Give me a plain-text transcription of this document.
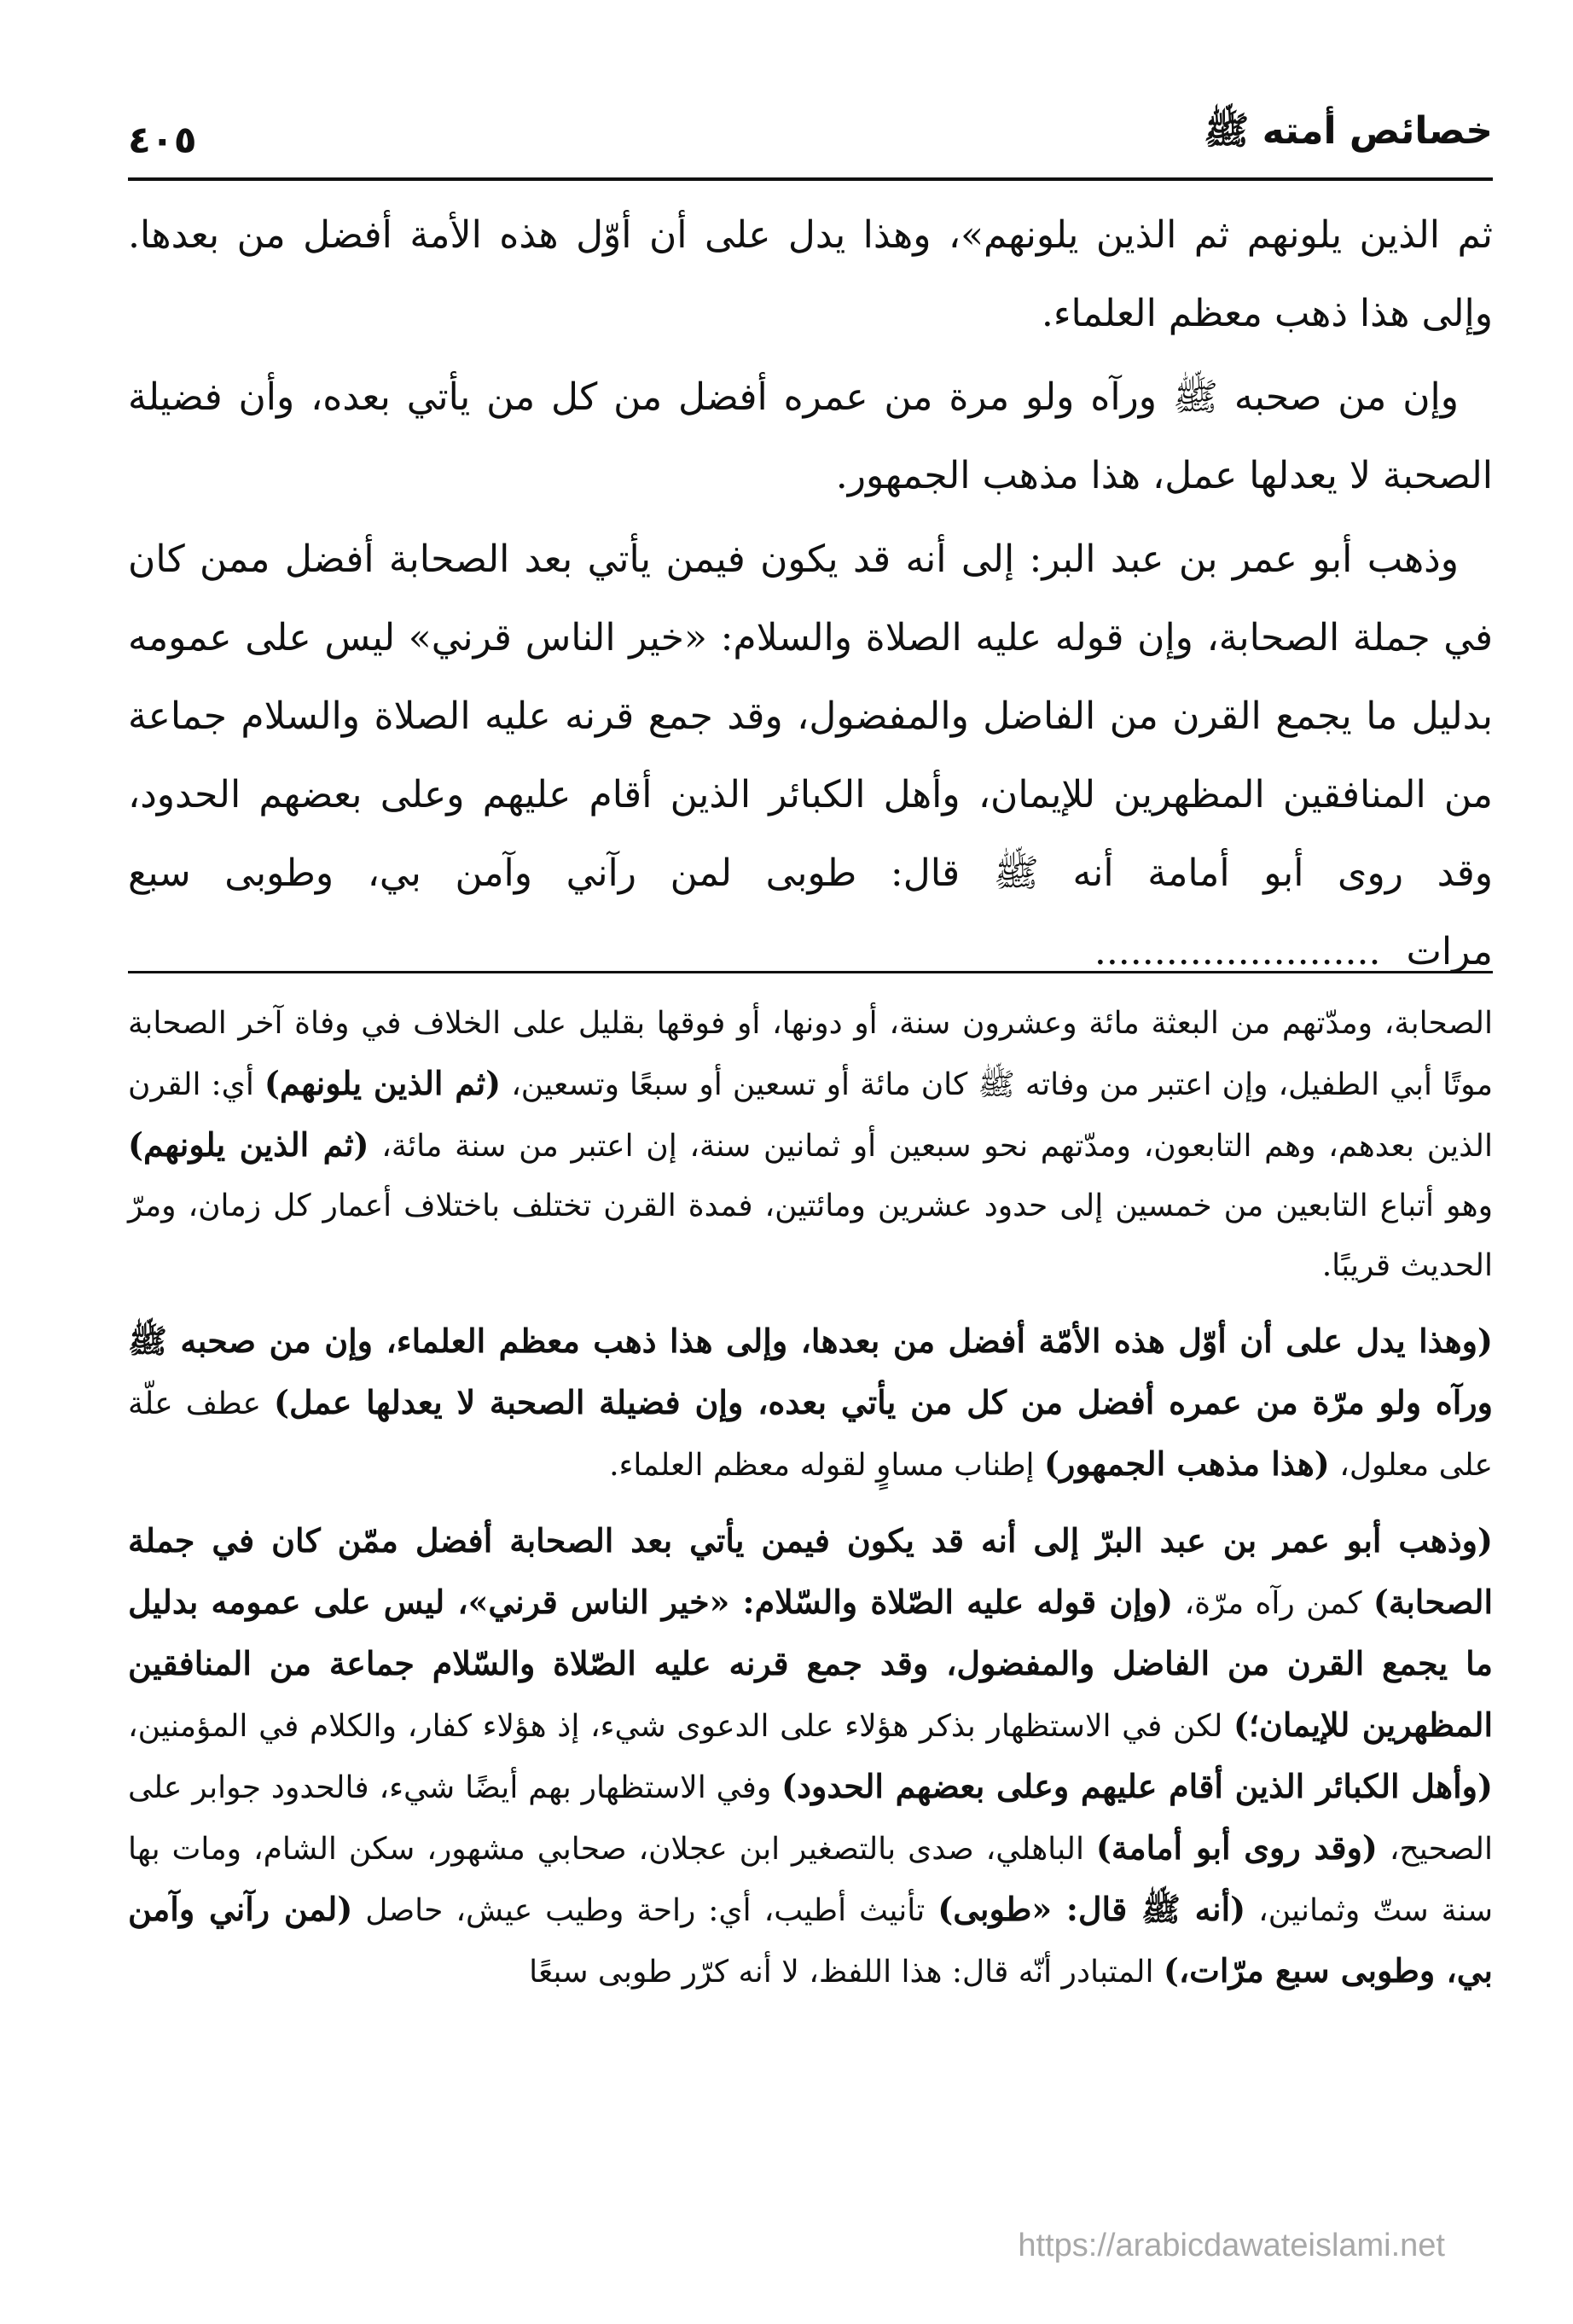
خصائص أمته ﷺ
٤٠٥

ثم الذين يلونهم ثم الذين يلونهم»، وهذا يدل على أن أوّل هذه الأمة أفضل من بعدها. وإلى هذا ذهب معظم العلماء.

وإن من صحبه ﷺ ورآه ولو مرة من عمره أفضل من كل من يأتي بعده، وأن فضيلة الصحبة لا يعدلها عمل، هذا مذهب الجمهور.

وذهب أبو عمر بن عبد البر: إلى أنه قد يكون فيمن يأتي بعد الصحابة أفضل ممن كان في جملة الصحابة، وإن قوله عليه الصلاة والسلام: «خير الناس قرني» ليس على عمومه بدليل ما يجمع القرن من الفاضل والمفضول، وقد جمع قرنه عليه الصلاة والسلام جماعة من المنافقين المظهرين للإيمان، وأهل الكبائر الذين أقام عليهم وعلى بعضهم الحدود، وقد روى أبو أمامة أنه ﷺ قال: طوبى لمن رآني وآمن بي، وطوبى سبع مرات........................

الصحابة، ومدّتهم من البعثة مائة وعشرون سنة، أو دونها، أو فوقها بقليل على الخلاف في وفاة آخر الصحابة موتًا أبي الطفيل، وإن اعتبر من وفاته ﷺ كان مائة أو تسعين أو سبعًا وتسعين، (ثم الذين يلونهم) أي: القرن الذين بعدهم، وهم التابعون، ومدّتهم نحو سبعين أو ثمانين سنة، إن اعتبر من سنة مائة، (ثم الذين يلونهم) وهو أتباع التابعين من خمسين إلى حدود عشرين ومائتين، فمدة القرن تختلف باختلاف أعمار كل زمان، ومرّ الحديث قريبًا.

(وهذا يدل على أن أوّل هذه الأمّة أفضل من بعدها، وإلى هذا ذهب معظم العلماء، وإن من صحبه ﷺ ورآه ولو مرّة من عمره أفضل من كل من يأتي بعده، وإن فضيلة الصحبة لا يعدلها عمل) عطف علّة على معلول، (هذا مذهب الجمهور) إطناب مساوٍ لقوله معظم العلماء.

(وذهب أبو عمر بن عبد البرّ إلى أنه قد يكون فيمن يأتي بعد الصحابة أفضل ممّن كان في جملة الصحابة) كمن رآه مرّة، (وإن قوله عليه الصّلاة والسّلام: «خير الناس قرني»، ليس على عمومه بدليل ما يجمع القرن من الفاضل والمفضول، وقد جمع قرنه عليه الصّلاة والسّلام جماعة من المنافقين المظهرين للإيمان؛) لكن في الاستظهار بذكر هؤلاء على الدعوى شيء، إذ هؤلاء كفار، والكلام في المؤمنين، (وأهل الكبائر الذين أقام عليهم وعلى بعضهم الحدود) وفي الاستظهار بهم أيضًا شيء، فالحدود جوابر على الصحيح، (وقد روى أبو أمامة) الباهلي، صدى بالتصغير ابن عجلان، صحابي مشهور، سكن الشام، ومات بها سنة ستّ وثمانين، (أنه ﷺ قال: «طوبى) تأنيث أطيب، أي: راحة وطيب عيش، حاصل (لمن رآني وآمن بي، وطوبى سبع مرّات،) المتبادر أنّه قال: هذا اللفظ، لا أنه كرّر طوبى سبعًا

https://arabicdawateislami.net
